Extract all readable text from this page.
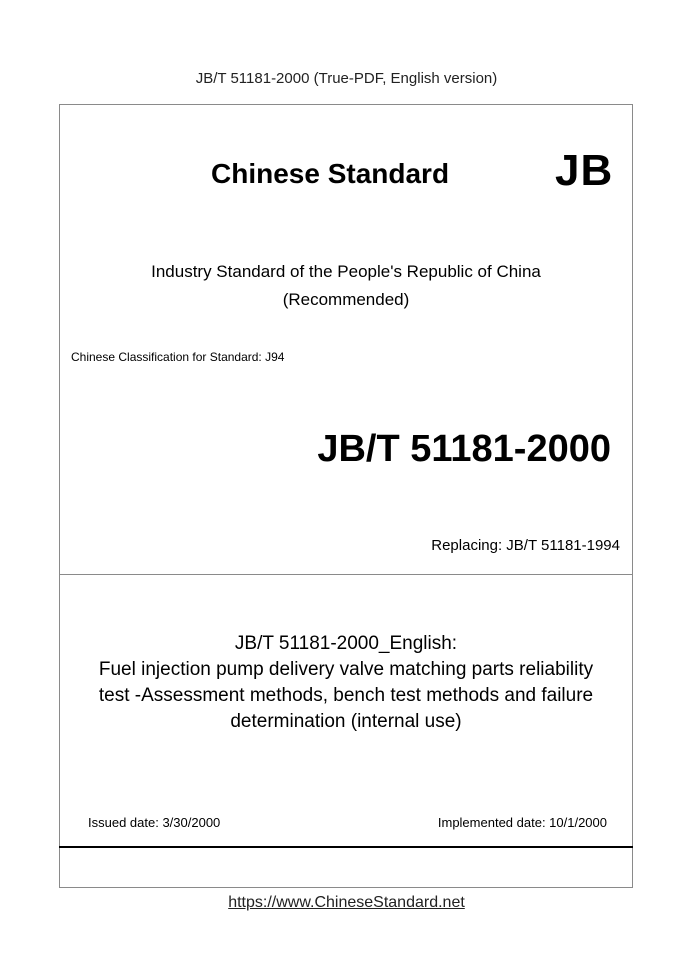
JB/T 51181-2000 (True-PDF, English version)
Chinese Standard JB
Industry Standard of the People's Republic of China
(Recommended)
Chinese Classification for Standard: J94
JB/T 51181-2000
Replacing: JB/T 51181-1994
JB/T 51181-2000_English:
Fuel injection pump delivery valve matching parts reliability
test -Assessment methods, bench test methods and failure
determination (internal use)
Issued date: 3/30/2000	Implemented date: 10/1/2000
https://www.ChineseStandard.net
